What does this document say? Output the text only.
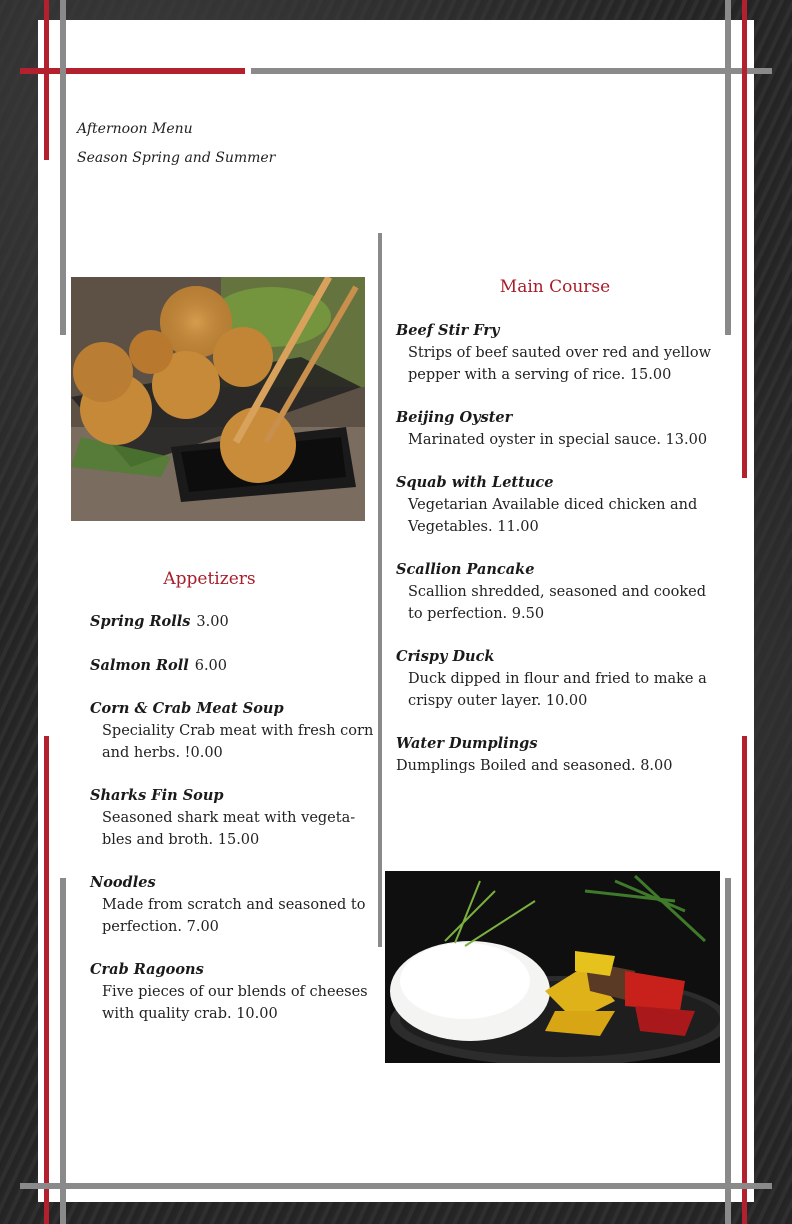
Afternoon Menu
Season Spring and Summer
Appetizers
Spring Rolls 3.00
Salmon Roll 6.00
Corn & Crab Meat Soup
Speciality Crab meat with fresh corn and herbs. !0.00
Sharks Fin Soup
Seasoned shark meat with vegeta-bles and broth. 15.00
Noodles
Made from scratch and seasoned to perfection. 7.00
Crab Ragoons
Five pieces of our blends of cheeses with quality crab. 10.00
Main Course
Beef Stir Fry
Strips of beef sauted over red and yellow pepper with a serving of rice. 15.00
Beijing Oyster
Marinated oyster in special sauce. 13.00
Squab with Lettuce
Vegetarian Available diced chicken and Vegetables. 11.00
Scallion Pancake
Scallion shredded, seasoned and cooked to perfection. 9.50
Crispy Duck
Duck dipped in flour and fried to make a crispy outer layer. 10.00
Water Dumplings
Dumplings Boiled and seasoned. 8.00
